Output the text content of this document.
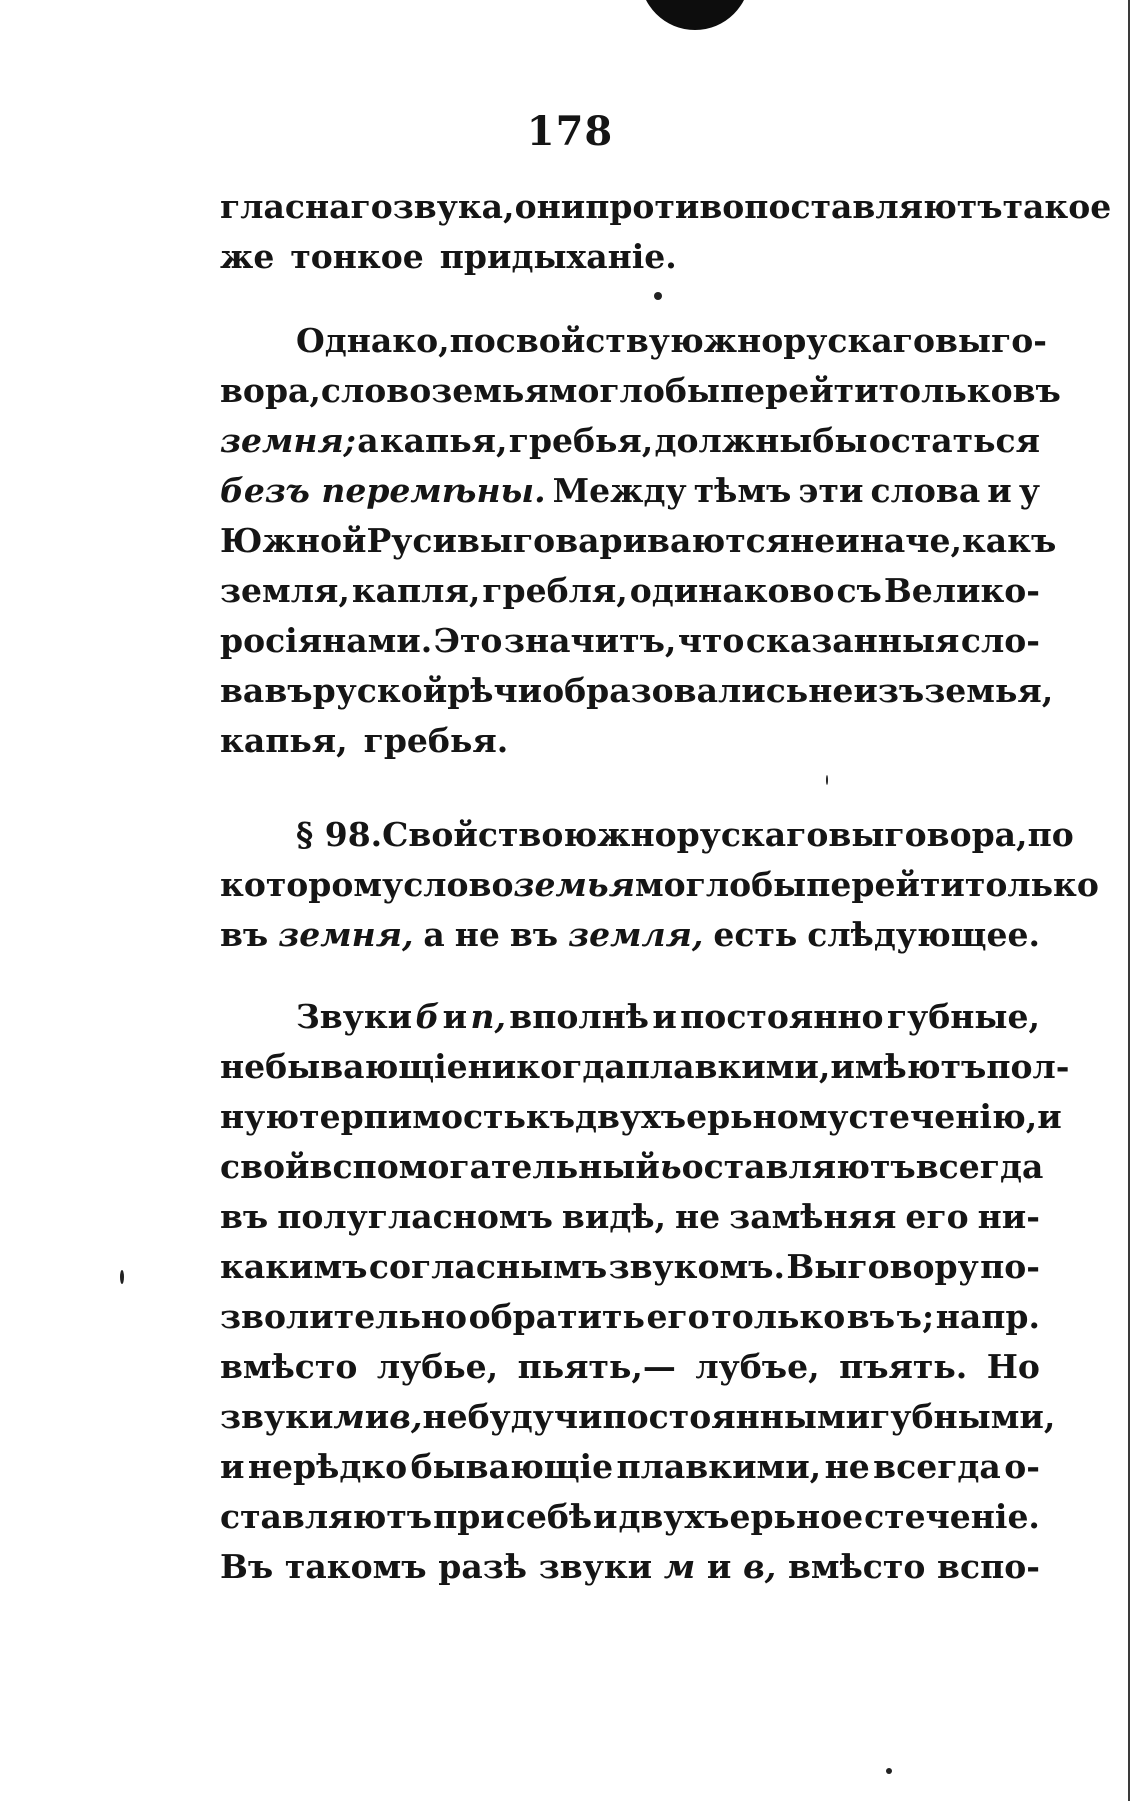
178
гласнаго звука, они противопоставляютъ такое
же тонкое придыханіе.
Однако, по свойству южнорускаго выго-
вора, слово земья моглобы перейти только въ
земня; а капья, гребья, должныбы остаться
безъ перемѣны. Между тѣмъ эти слова и у
Южной Руси выговариваются не иначе, какъ
земля, капля, гребля, одинаково съ Велико-
росіянами. Это значитъ, что сказанныя сло-
ва въ руской рѣчи образовались не изъ земья,
капья, гребья.
§ 98. Свойство южнорускаго выговора, по
которому слово земья моглобы перейти только
въ земня, а не въ земля, есть слѣдующее.
Звуки б и п, вполнѣ и постоянно губные,
небывающіе никогда плавкими, имѣютъ пол-
ную терпимость къ двухъерьному стеченію, и
свой вспомогательный ь оставляютъ всегда
въ полугласномъ видѣ, не замѣняя его ни-
какимъ согласнымъ звукомъ. Выговору по-
зволительно обратить его только въ ъ; напр.
вмѣсто лубье, пьять,— лубъе, пъять. Но
звуки м и в, не будучи постоянными губными,
и нерѣдко бывающіе плавкими, не всегда о-
ставляютъ при себѣ и двухъерьное стеченіе.
Въ такомъ разѣ звуки м и в, вмѣсто вспо-
